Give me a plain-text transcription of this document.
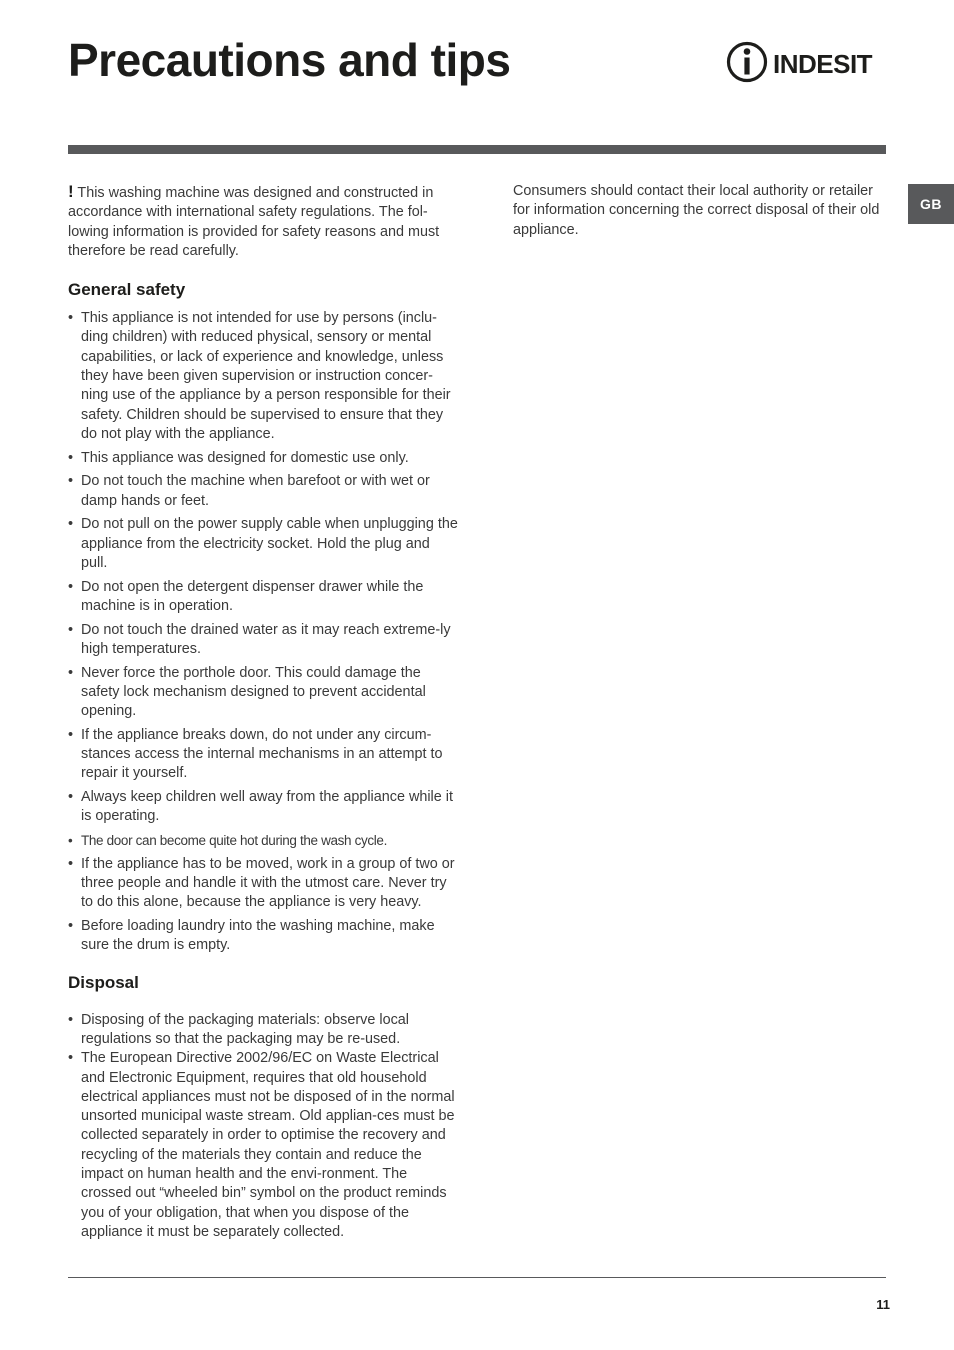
Precautions and tips	INDESIT
GB

! This washing machine was designed and constructed in accordance with international safety regulations. The fol-lowing information is provided for safety reasons and must therefore be read carefully.

General safety
• This appliance is not intended for use by persons (inclu-ding children) with reduced physical, sensory or mental capabilities, or lack of experience and knowledge, unless they have been given supervision or instruction concer-ning use of the appliance by a person responsible for their safety. Children should be supervised to ensure that they do not play with the appliance.
• This appliance was designed for domestic use only.
• Do not touch the machine when barefoot or with wet or damp hands or feet.
• Do not pull on the power supply cable when unplugging the appliance from the electricity socket. Hold the plug and pull.
• Do not open the detergent dispenser drawer while the machine is in operation.
• Do not touch the drained water as it may reach extreme-ly high temperatures.
• Never force the porthole door. This could damage the safety lock mechanism designed to prevent accidental opening.
• If the appliance breaks down, do not under any circum-stances access the internal mechanisms in an attempt to repair it yourself.
• Always keep children well away from the appliance while it is operating.
• The door can become quite hot during the wash cycle.
• If the appliance has to be moved, work in a group of two or three people and handle it with the utmost care. Never try to do this alone, because the appliance is very heavy.
• Before loading laundry into the washing machine, make sure the drum is empty.
Disposal
• Disposing of the packaging materials: observe local regulations so that the packaging may be re-used.
• The European Directive 2002/96/EC on Waste Electrical and Electronic Equipment, requires that old household electrical appliances must not be disposed of in the normal unsorted municipal waste stream. Old applian-ces must be collected separately in order to optimise the recovery and recycling of the materials they contain and reduce the impact on human health and the envi-ronment. The crossed out “wheeled bin” symbol on the product reminds you of your obligation, that when you dispose of the appliance it must be separately collected.

Consumers should contact their local authority or retailer for information concerning the correct disposal of their old appliance.

11
